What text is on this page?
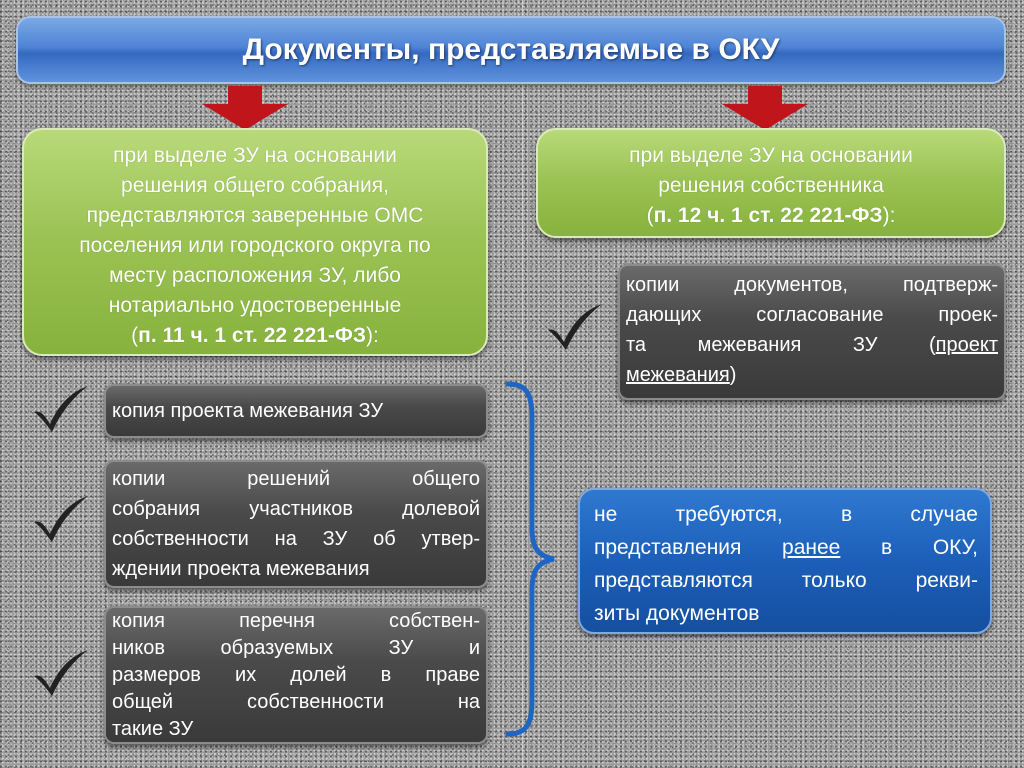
Документы, представляемые в ОКУ
при выделе ЗУ на основании
решения общего собрания,
представляются заверенные ОМС
поселения или городского округа по
месту расположения ЗУ, либо
нотариально удостоверенные
(п. 11 ч. 1 ст. 22 221-ФЗ):
при выделе ЗУ на основании
решения собственника
(п. 12 ч. 1 ст. 22 221-ФЗ):
копии документов, подтверж-
дающих согласование проек-
та межевания ЗУ (проект
межевания)
копия проекта межевания ЗУ
копии решений общего
собрания участников долевой
собственности на ЗУ об утвер-
ждении проекта межевания
копия перечня собствен-
ников образуемых ЗУ и
размеров их долей в праве
общей собственности на
такие ЗУ
не требуются, в случае
представления ранее в ОКУ,
представляются только рекви-
зиты документов
